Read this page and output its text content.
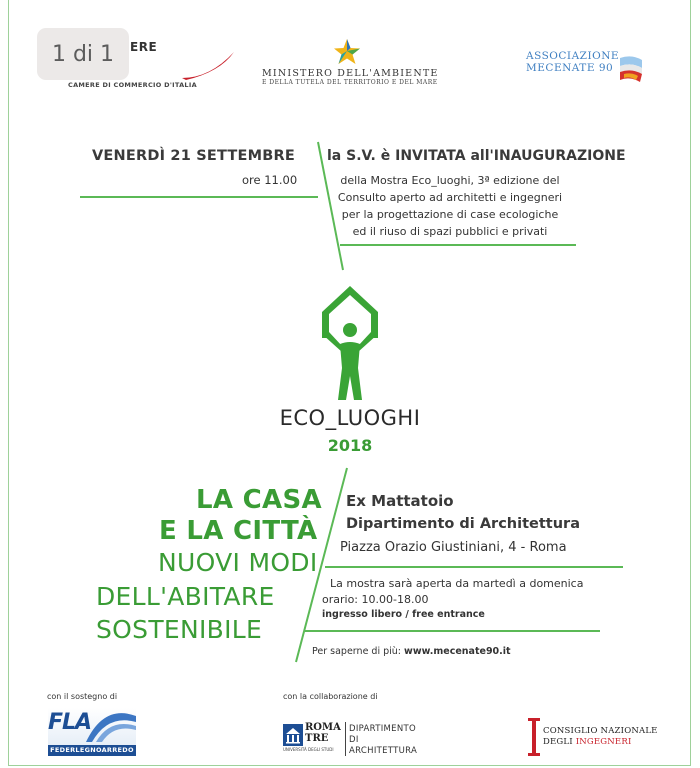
ERE
CAMERE DI COMMERCIO D'ITALIA
MINISTERO DELL'AMBIENTE
E DELLA TUTELA DEL TERRITORIO E DEL MARE
ASSOCIAZIONE
MECENATE 90
VENERDÌ 21 SETTEMBRE
ore 11.00
la S.V. è INVITATA all'INAUGURAZIONE
della Mostra Eco_luoghi, 3ª edizione del
Consulto aperto ad architetti e ingegneri
per la progettazione di case ecologiche
ed il riuso di spazi pubblici e privati
ECO_LUOGHI
2018
LA CASA
E LA CITTÀ
NUOVI MODI
DELL'ABITARE
SOSTENIBILE
Ex Mattatoio
Dipartimento di Architettura
Piazza Orazio Giustiniani, 4 - Roma
La mostra sarà aperta da martedì a domenica
orario: 10.00-18.00
ingresso libero / free entrance
Per saperne di più: www.mecenate90.it
con il sostegno di	con la collaborazione di
FLA
FEDERLEGNOARREDO
ROMA
TRE
UNIVERSITÀ DEGLI STUDI
DIPARTIMENTO
DI
ARCHITETTURA
CONSIGLIO NAZIONALE
DEGLI INGEGNERI
1 di 1
